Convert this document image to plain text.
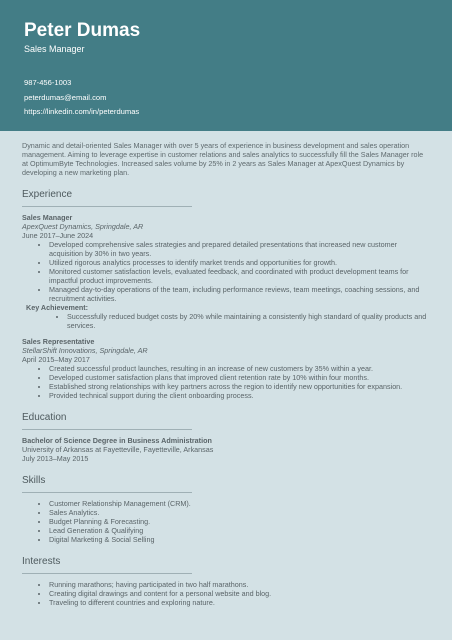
Peter Dumas
Sales Manager
987-456-1003
peterdumas@email.com
https://linkedin.com/in/peterdumas
Dynamic and detail-oriented Sales Manager with over 5 years of experience in business development and sales operation management. Aiming to leverage expertise in customer relations and sales analytics to successfully fill the Sales Manager role at OptimumByte Technologies. Increased sales volume by 25% in 2 years as Sales Manager at ApexQuest Dynamics by developing a new marketing plan.
Experience
Sales Manager
ApexQuest Dynamics, Springdale, AR
June 2017–June 2024
• Developed comprehensive sales strategies and prepared detailed presentations that increased new customer acquisition by 30% in two years.
• Utilized rigorous analytics processes to identify market trends and opportunities for growth.
• Monitored customer satisfaction levels, evaluated feedback, and coordinated with product development teams for impactful product improvements.
• Managed day-to-day operations of the team, including performance reviews, team meetings, coaching sessions, and recruitment activities.
Key Achievement:
• Successfully reduced budget costs by 20% while maintaining a consistently high standard of quality products and services.
Sales Representative
StellarShift Innovations, Springdale, AR
April 2015–May 2017
• Created successful product launches, resulting in an increase of new customers by 35% within a year.
• Developed customer satisfaction plans that improved client retention rate by 10% within four months.
• Established strong relationships with key partners across the region to identify new opportunities for expansion.
• Provided technical support during the client onboarding process.
Education
Bachelor of Science Degree in Business Administration
University of Arkansas at Fayetteville, Fayetteville, Arkansas
July 2013–May 2015
Skills
• Customer Relationship Management (CRM).
• Sales Analytics.
• Budget Planning & Forecasting.
• Lead Generation & Qualifying
• Digital Marketing & Social Selling
Interests
• Running marathons; having participated in two half marathons.
• Creating digital drawings and content for a personal website and blog.
• Traveling to different countries and exploring nature.
